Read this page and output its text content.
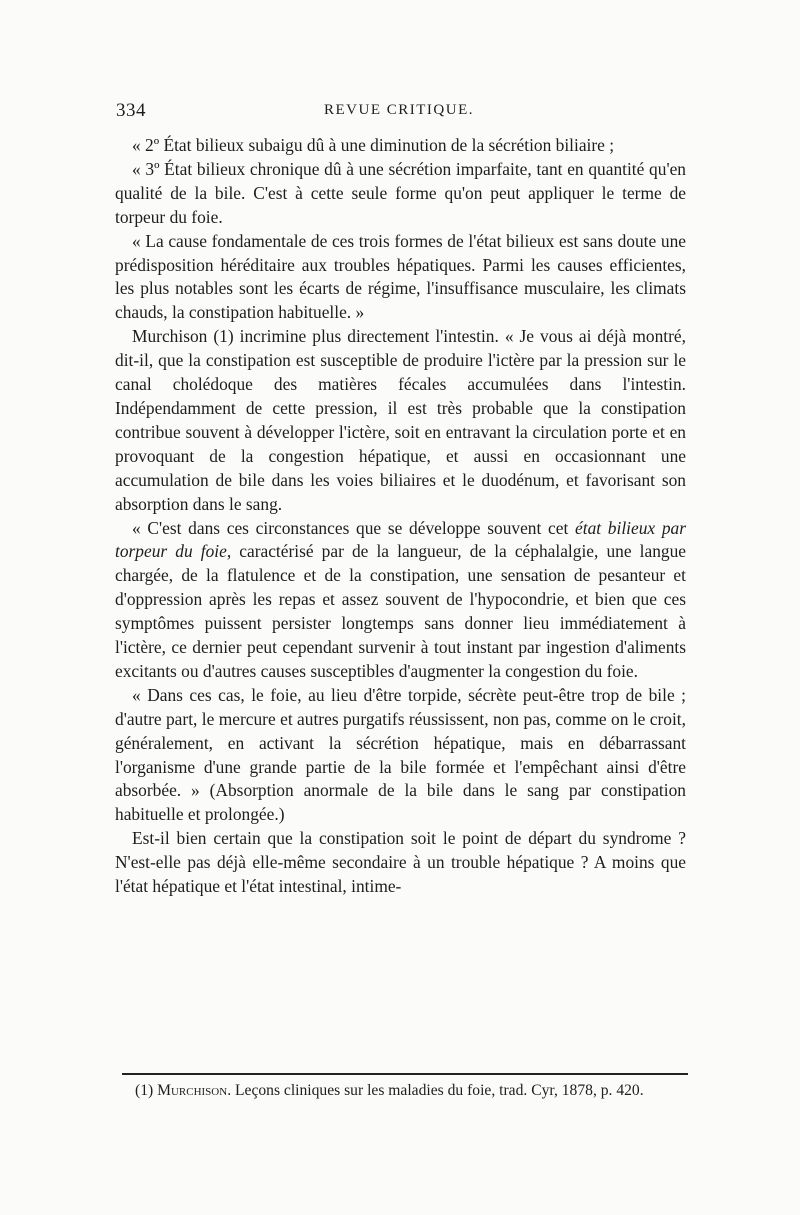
334	REVUE CRITIQUE.

« 2º État bilieux subaigu dû à une diminution de la sécrétion biliaire ;

« 3º État bilieux chronique dû à une sécrétion imparfaite, tant en quantité qu'en qualité de la bile. C'est à cette seule forme qu'on peut appliquer le terme de torpeur du foie.

« La cause fondamentale de ces trois formes de l'état bilieux est sans doute une prédisposition héréditaire aux troubles hépatiques. Parmi les causes efficientes, les plus notables sont les écarts de régime, l'insuffisance musculaire, les climats chauds, la constipation habituelle. »

Murchison (1) incrimine plus directement l'intestin. « Je vous ai déjà montré, dit-il, que la constipation est susceptible de produire l'ictère par la pression sur le canal cholédoque des matières fécales accumulées dans l'intestin. Indépendamment de cette pression, il est très probable que la constipation contribue souvent à développer l'ictère, soit en entravant la circulation porte et en provoquant de la congestion hépatique, et aussi en occasionnant une accumulation de bile dans les voies biliaires et le duodénum, et favorisant son absorption dans le sang.

« C'est dans ces circonstances que se développe souvent cet état bilieux par torpeur du foie, caractérisé par de la langueur, de la céphalalgie, une langue chargée, de la flatulence et de la constipation, une sensation de pesanteur et d'oppression après les repas et assez souvent de l'hypocondrie, et bien que ces symptômes puissent persister longtemps sans donner lieu immédiatement à l'ictère, ce dernier peut cependant survenir à tout instant par ingestion d'aliments excitants ou d'autres causes susceptibles d'augmenter la congestion du foie.

« Dans ces cas, le foie, au lieu d'être torpide, sécrète peut-être trop de bile ; d'autre part, le mercure et autres purgatifs réussissent, non pas, comme on le croit, généralement, en activant la sécrétion hépatique, mais en débarrassant l'organisme d'une grande partie de la bile formée et l'empêchant ainsi d'être absorbée. » (Absorption anormale de la bile dans le sang par constipation habituelle et prolongée.)

Est-il bien certain que la constipation soit le point de départ du syndrome ? N'est-elle pas déjà elle-même secondaire à un trouble hépatique ? A moins que l'état hépatique et l'état intestinal, intime-

(1) Murchison. Leçons cliniques sur les maladies du foie, trad. Cyr, 1878, p. 420.
